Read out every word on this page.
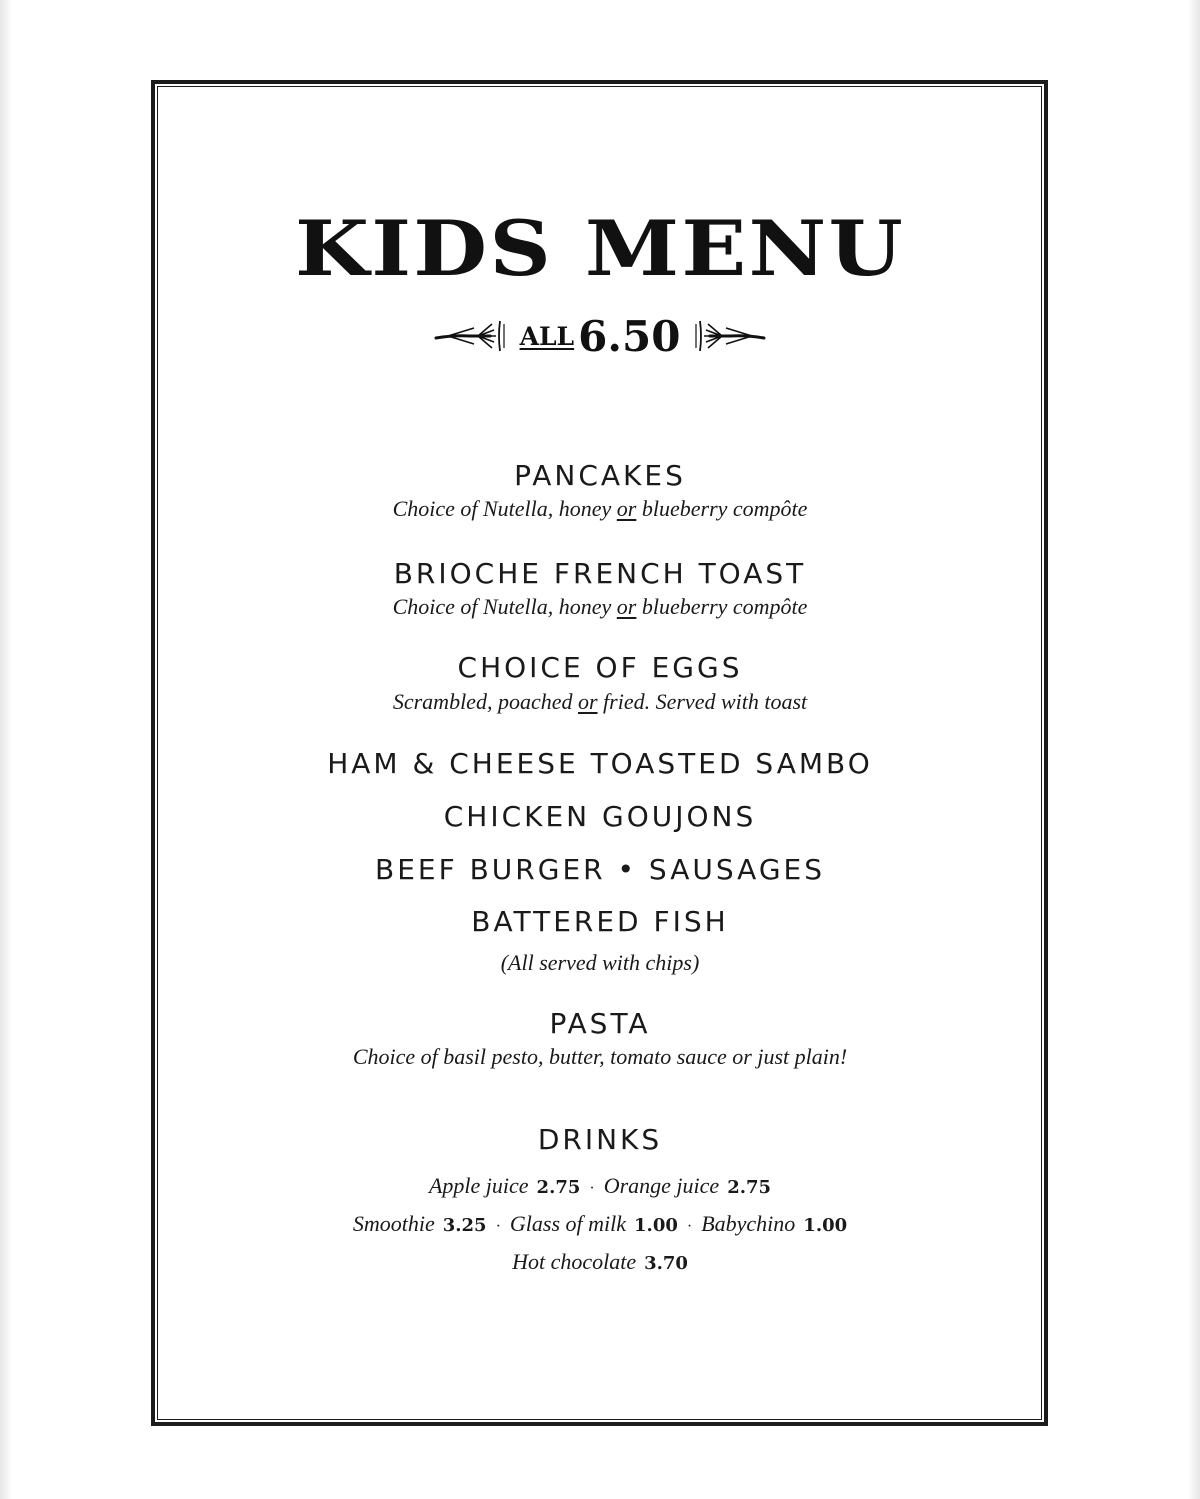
KIDS MENU
ALL 6.50
PANCAKES
Choice of Nutella, honey or blueberry compôte
BRIOCHE FRENCH TOAST
Choice of Nutella, honey or blueberry compôte
CHOICE OF EGGS
Scrambled, poached or fried. Served with toast
HAM & CHEESE TOASTED SAMBO
CHICKEN GOUJONS
BEEF BURGER • SAUSAGES
BATTERED FISH
(All served with chips)
PASTA
Choice of basil pesto, butter, tomato sauce or just plain!
DRINKS
Apple juice 2.75 · Orange juice 2.75
Smoothie 3.25 · Glass of milk 1.00 · Babychino 1.00
Hot chocolate 3.70
